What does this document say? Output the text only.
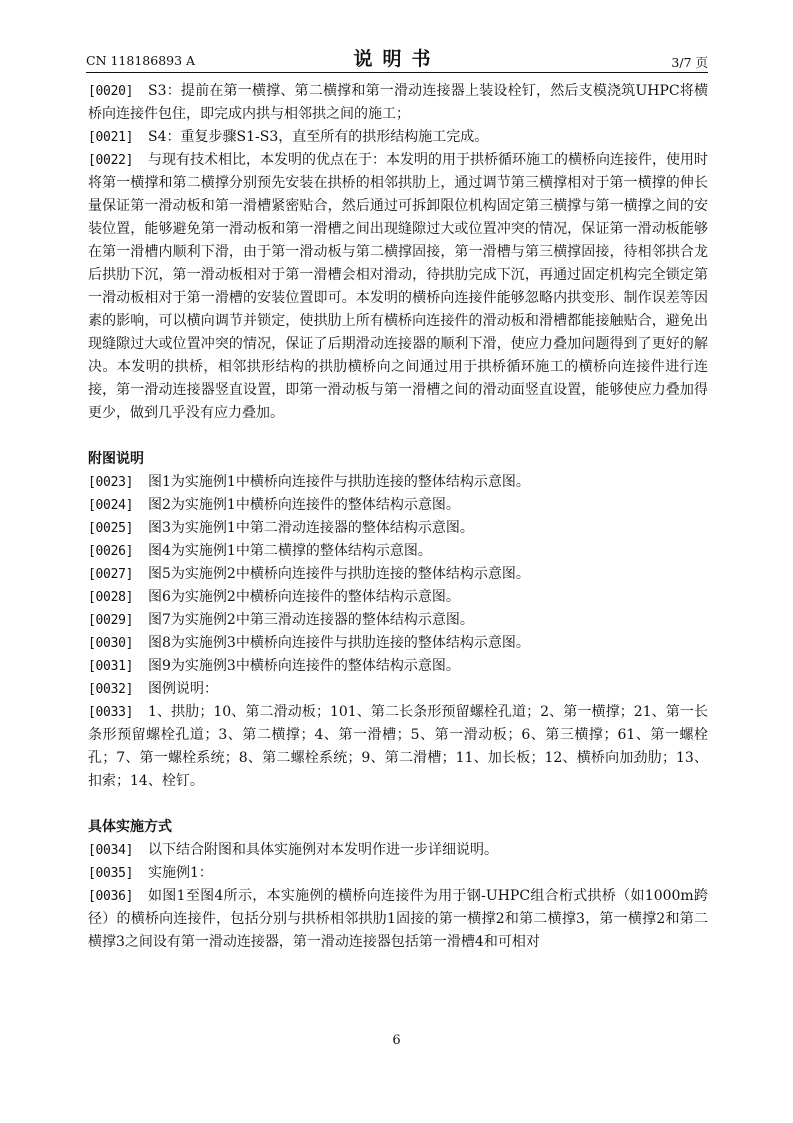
CN 118186893 A	说明书	3/7 页
[0020]	S3：提前在第一横撑、第二横撑和第一滑动连接器上装设栓钉，然后支模浇筑UHPC将横桥向连接件包住，即完成内拱与相邻拱之间的施工；
[0021]	S4：重复步骤S1-S3，直至所有的拱形结构施工完成。
[0022]	与现有技术相比，本发明的优点在于：本发明的用于拱桥循环施工的横桥向连接件，使用时将第一横撑和第二横撑分别预先安装在拱桥的相邻拱肋上，通过调节第三横撑相对于第一横撑的伸长量保证第一滑动板和第一滑槽紧密贴合，然后通过可拆卸限位机构固定第三横撑与第一横撑之间的安装位置，能够避免第一滑动板和第一滑槽之间出现缝隙过大或位置冲突的情况，保证第一滑动板能够在第一滑槽内顺利下滑，由于第一滑动板与第二横撑固接，第一滑槽与第三横撑固接，待相邻拱合龙后拱肋下沉，第一滑动板相对于第一滑槽会相对滑动，待拱肋完成下沉，再通过固定机构完全锁定第一滑动板相对于第一滑槽的安装位置即可。本发明的横桥向连接件能够忽略内拱变形、制作误差等因素的影响，可以横向调节并锁定，使拱肋上所有横桥向连接件的滑动板和滑槽都能接触贴合，避免出现缝隙过大或位置冲突的情况，保证了后期滑动连接器的顺利下滑，使应力叠加问题得到了更好的解决。本发明的拱桥，相邻拱形结构的拱肋横桥向之间通过用于拱桥循环施工的横桥向连接件进行连接，第一滑动连接器竖直设置，即第一滑动板与第一滑槽之间的滑动面竖直设置，能够使应力叠加得更少，做到几乎没有应力叠加。
附图说明
[0023]	图1为实施例1中横桥向连接件与拱肋连接的整体结构示意图。
[0024]	图2为实施例1中横桥向连接件的整体结构示意图。
[0025]	图3为实施例1中第二滑动连接器的整体结构示意图。
[0026]	图4为实施例1中第二横撑的整体结构示意图。
[0027]	图5为实施例2中横桥向连接件与拱肋连接的整体结构示意图。
[0028]	图6为实施例2中横桥向连接件的整体结构示意图。
[0029]	图7为实施例2中第三滑动连接器的整体结构示意图。
[0030]	图8为实施例3中横桥向连接件与拱肋连接的整体结构示意图。
[0031]	图9为实施例3中横桥向连接件的整体结构示意图。
[0032]	图例说明：
[0033]	1、拱肋；10、第二滑动板；101、第二长条形预留螺栓孔道；2、第一横撑；21、第一长条形预留螺栓孔道；3、第二横撑；4、第一滑槽；5、第一滑动板；6、第三横撑；61、第一螺栓孔；7、第一螺栓系统；8、第二螺栓系统；9、第二滑槽；11、加长板；12、横桥向加劲肋；13、扣索；14、栓钉。
具体实施方式
[0034]	以下结合附图和具体实施例对本发明作进一步详细说明。
[0035]	实施例1：
[0036]	如图1至图4所示，本实施例的横桥向连接件为用于钢-UHPC组合桁式拱桥（如1000m跨径）的横桥向连接件，包括分别与拱桥相邻拱肋1固接的第一横撑2和第二横撑3，第一横撑2和第二横撑3之间设有第一滑动连接器，第一滑动连接器包括第一滑槽4和可相对
6
